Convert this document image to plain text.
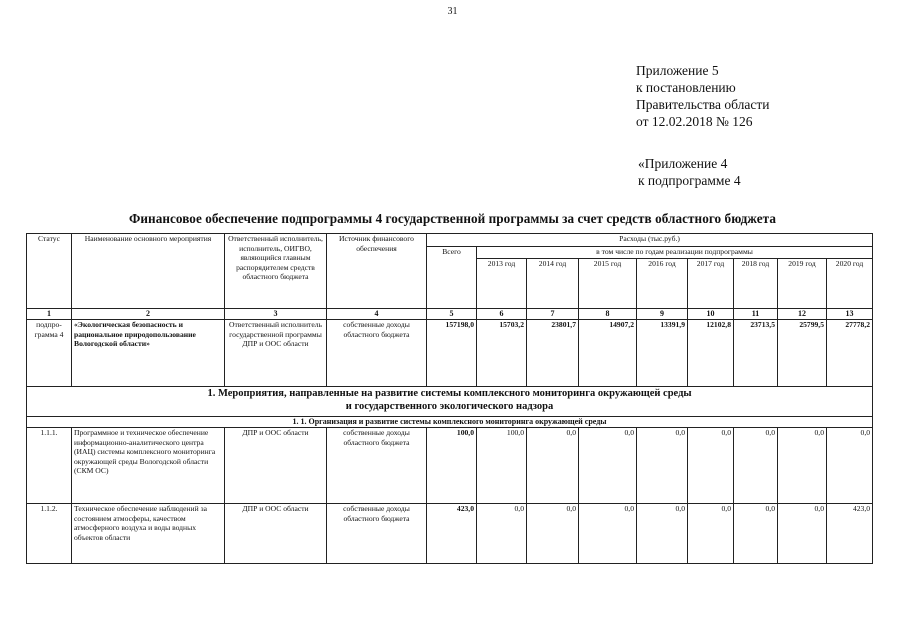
31
Приложение 5
к постановлению
Правительства области
от 12.02.2018 № 126
«Приложение 4
к подпрограмме 4
Финансовое обеспечение подпрограммы 4 государственной программы за счет средств областного бюджета
Статус	Наименование основного мероприятия	Ответственный исполнитель, исполнитель, ОИГВО, являющийся главным распорядителем средств областного бюджета	Источник финансового обеспечения	Расходы (тыс.руб.)								
				Всего	в том числе по годам реализации подпрограммы							
					2013 год	2014 год	2015 год	2016 год	2017 год	2018 год	2019 год	2020 год
1	2	3	4	5	6	7	8	9	10	11	12	13
подпро-грамма 4	«Экологическая безопасность и рациональное природопользование Вологодской области»	Ответственный исполнитель государственной программы ДПР и ООС области	собственные доходы областного бюджета	157198,0	15703,2	23801,7	14907,2	13391,9	12102,8	23713,5	25799,5	27778,2

1. Мероприятия, направленные на развитие системы комплексного мониторинга окружающей среды
и государственного экологического надзора												

1. 1. Организация и развитие системы комплексного мониторинга окружающей среды												
1.1.1.	Программное и техническое обеспечение информационно-аналитического центра (ИАЦ) системы комплексного мониторинга окружающей среды Вологодской области (СКМ ОС)	ДПР и ООС области	собственные доходы областного бюджета	100,0	100,0	0,0	0,0	0,0	0,0	0,0	0,0	0,0
1.1.2.	Техническое обеспечение наблюдений за состоянием атмосферы, качеством атмосферного воздуха и воды водных объектов области	ДПР и ООС области	собственные доходы областного бюджета	423,0	0,0	0,0	0,0	0,0	0,0	0,0	0,0	423,0
